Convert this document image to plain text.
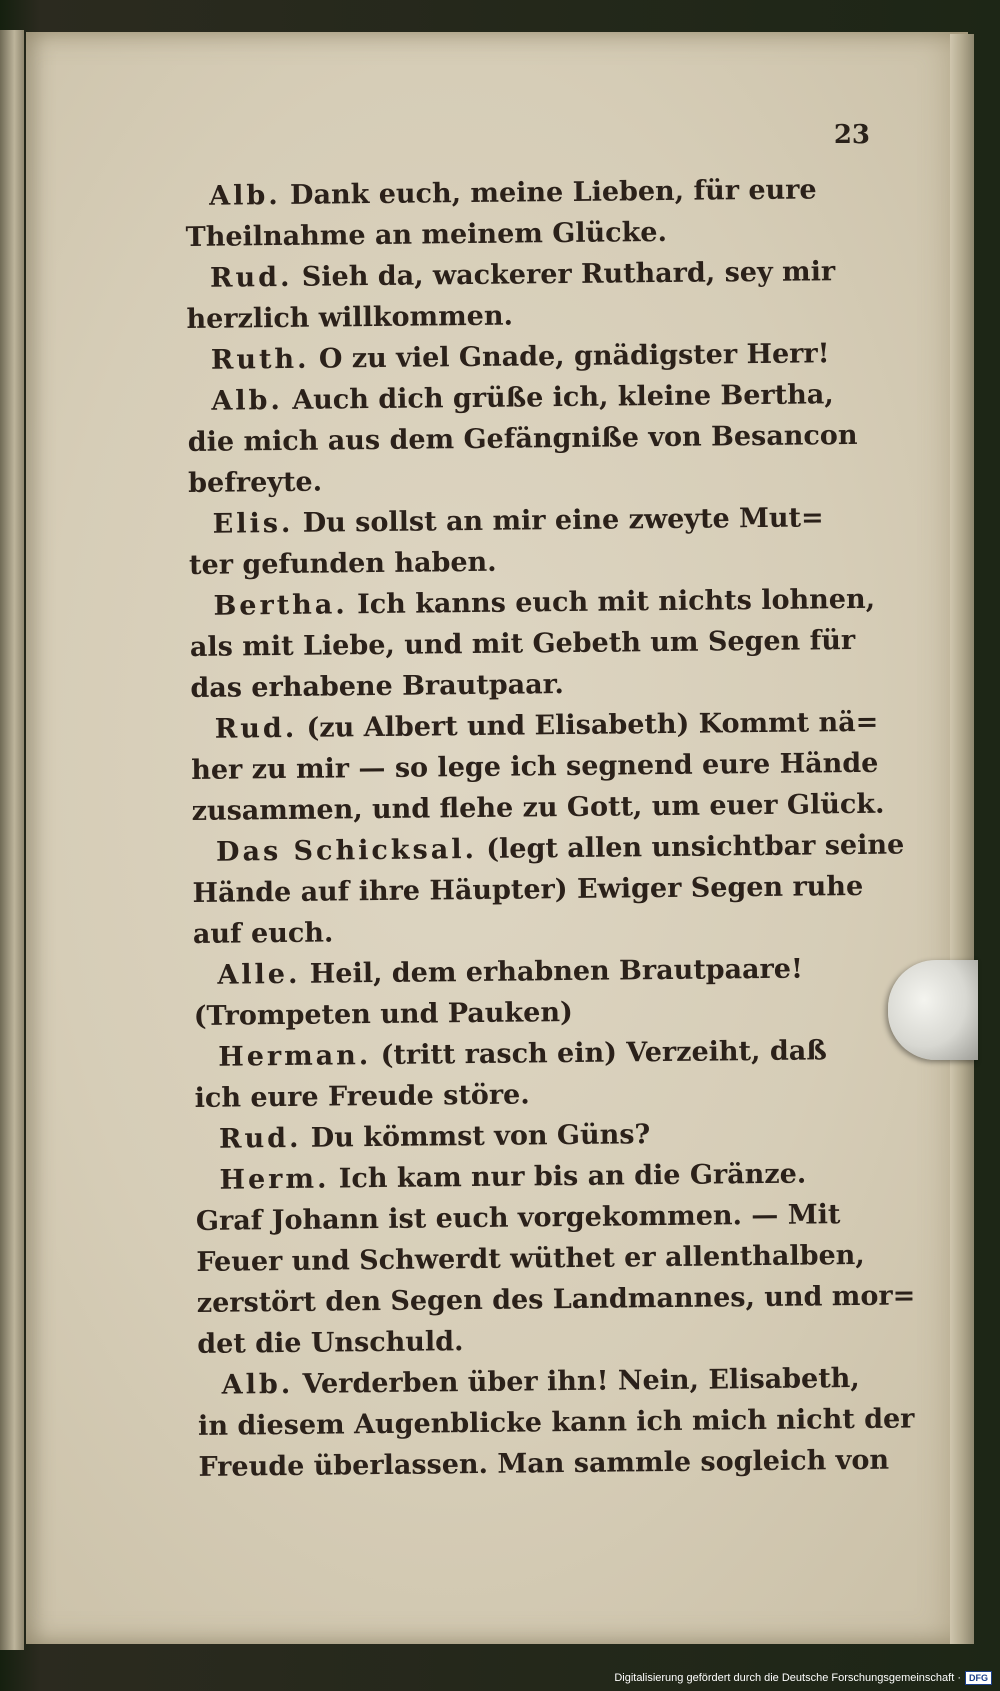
23
Alb. Dank euch, meine Lieben, für eure
Theilnahme an meinem Glücke.
Rud. Sieh da, wackerer Ruthard, sey mir
herzlich willkommen.
Ruth. O zu viel Gnade, gnädigster Herr!
Alb. Auch dich grüße ich, kleine Bertha,
die mich aus dem Gefängniße von Besancon
befreyte.
Elis. Du sollst an mir eine zweyte Mut=
ter gefunden haben.
Bertha. Ich kanns euch mit nichts lohnen,
als mit Liebe, und mit Gebeth um Segen für
das erhabene Brautpaar.
Rud. (zu Albert und Elisabeth) Kommt nä=
her zu mir — so lege ich segnend eure Hände
zusammen, und flehe zu Gott, um euer Glück.
Das Schicksal. (legt allen unsichtbar seine
Hände auf ihre Häupter) Ewiger Segen ruhe
auf euch.
Alle. Heil, dem erhabnen Brautpaare!
(Trompeten und Pauken)
Herman. (tritt rasch ein) Verzeiht, daß
ich eure Freude störe.
Rud. Du kömmst von Güns?
Herm. Ich kam nur bis an die Gränze.
Graf Johann ist euch vorgekommen. — Mit
Feuer und Schwerdt wüthet er allenthalben,
zerstört den Segen des Landmannes, und mor=
det die Unschuld.
Alb. Verderben über ihn! Nein, Elisabeth,
in diesem Augenblicke kann ich mich nicht der
Freude überlassen. Man sammle sogleich von
Digitalisierung gefördert durch die Deutsche Forschungsgemeinschaft · DFG
